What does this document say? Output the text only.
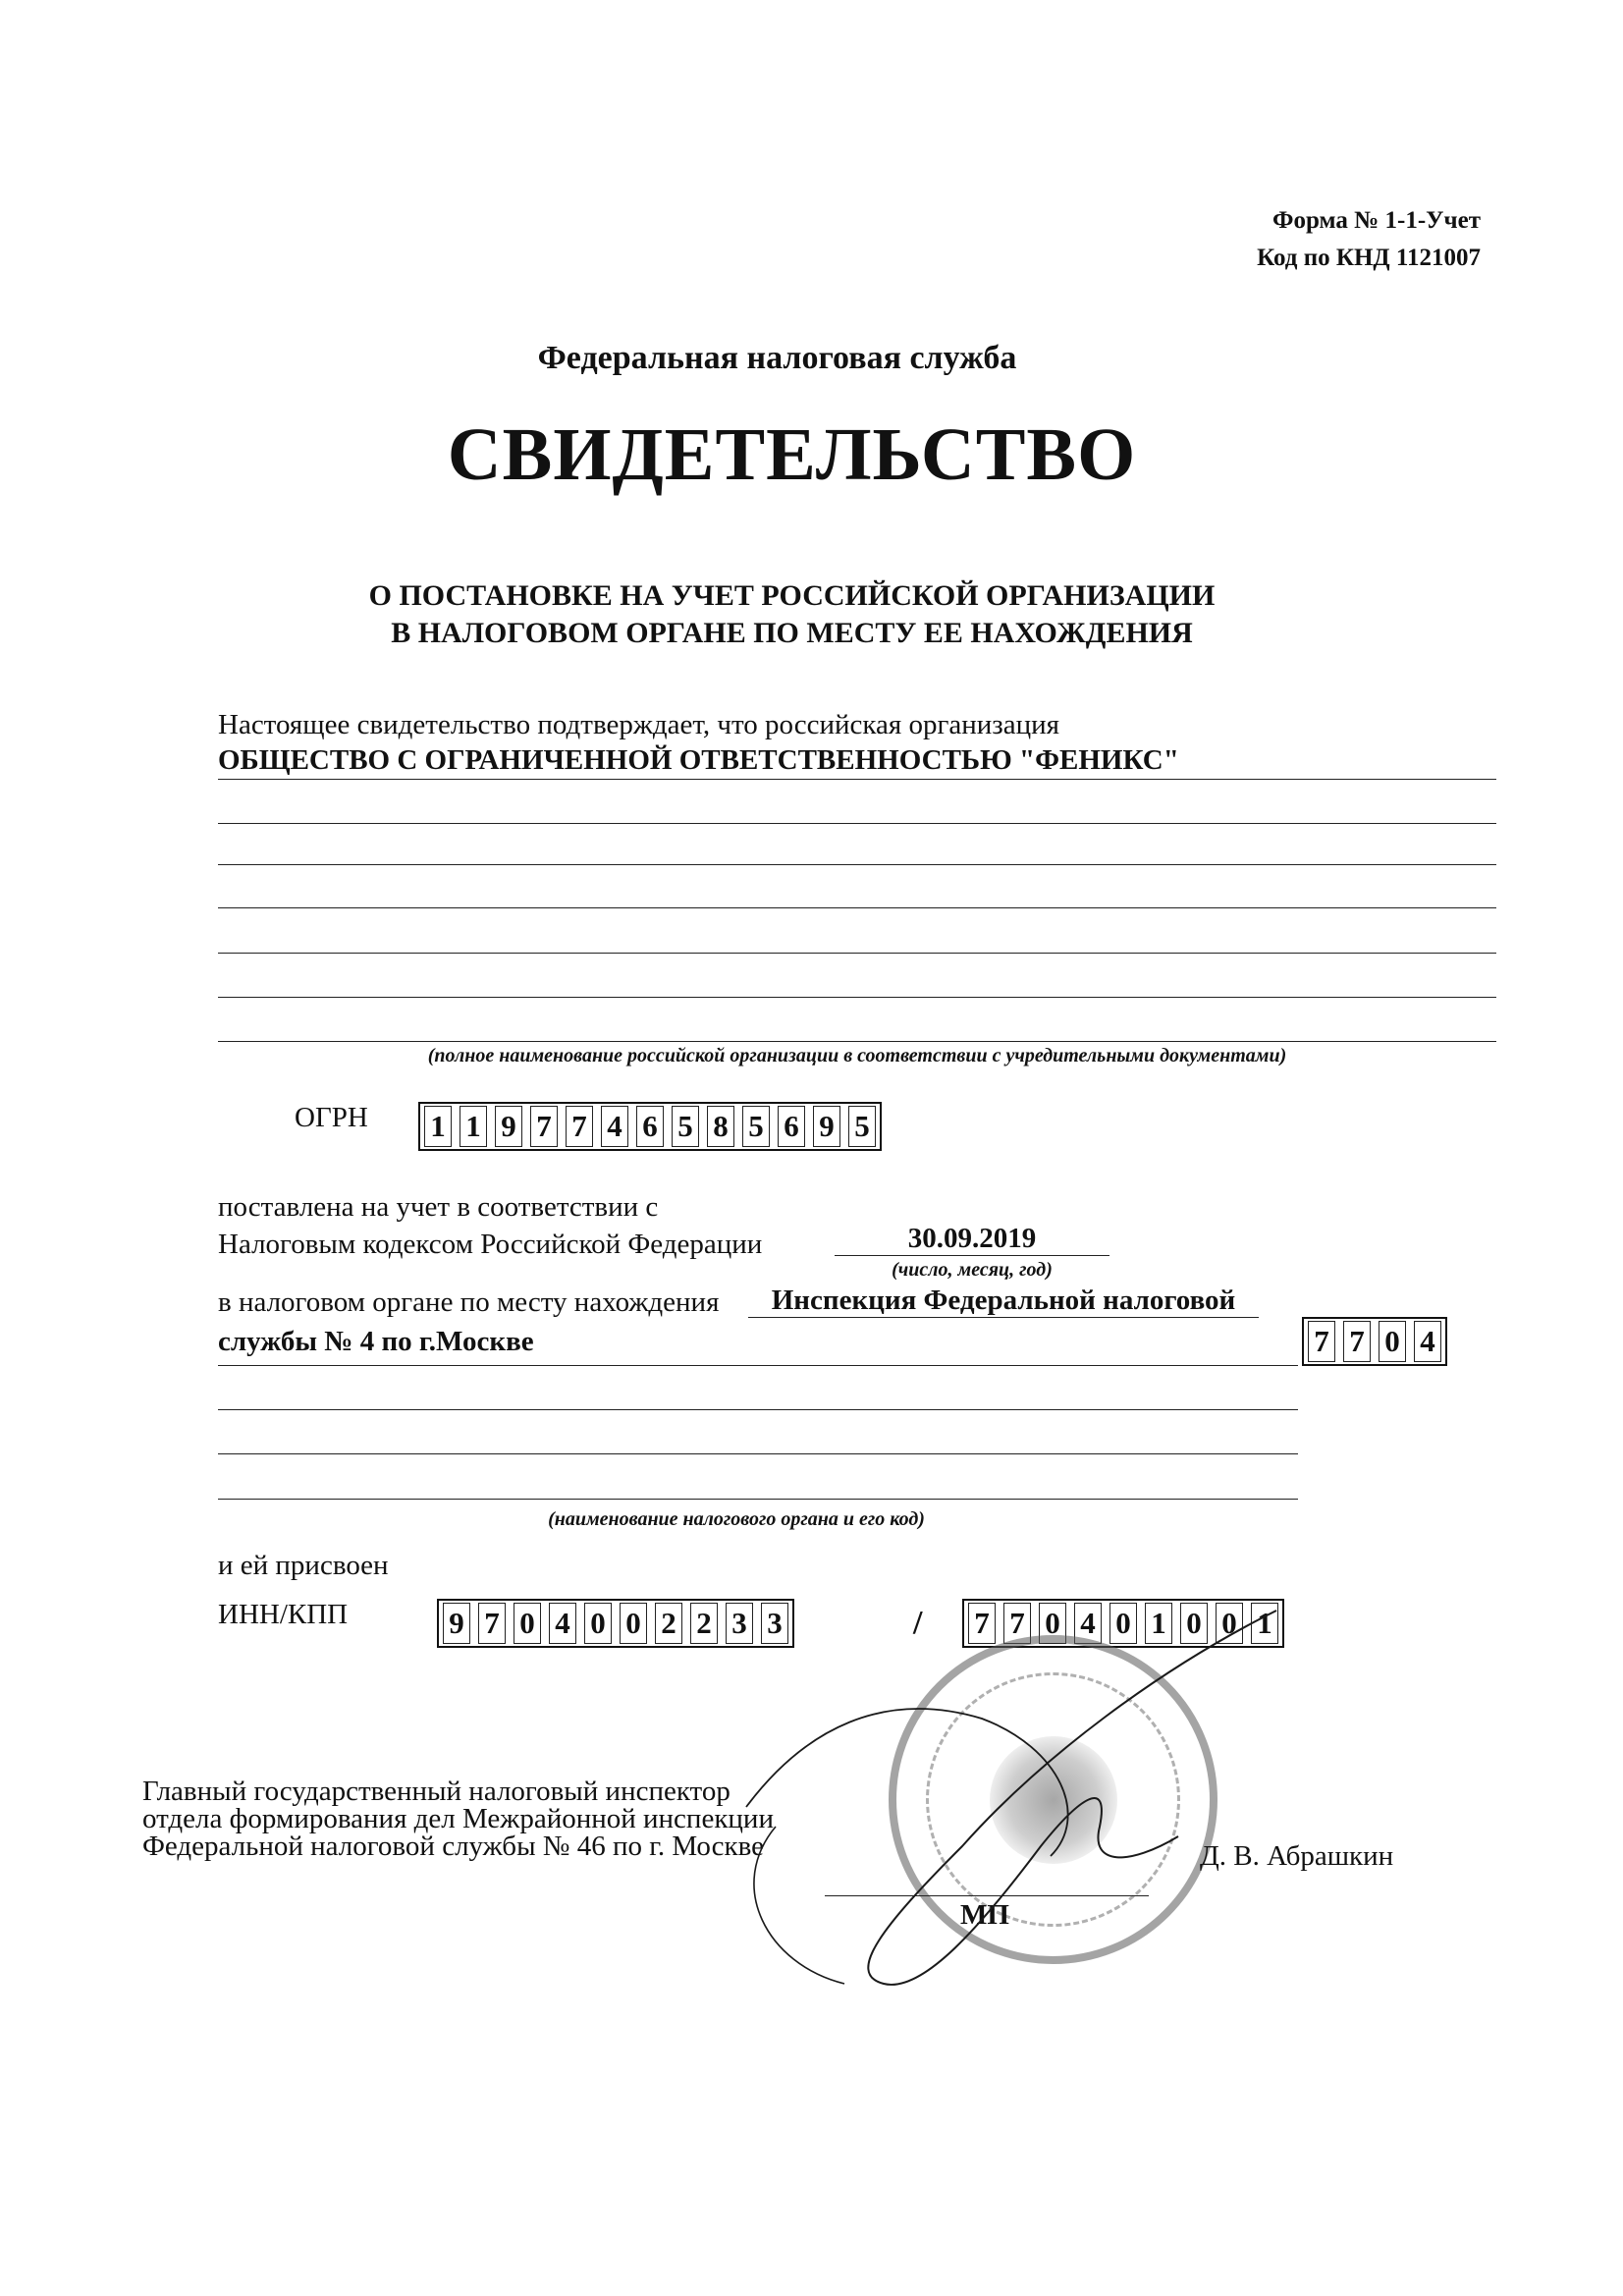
Форма № 1-1-Учет
Код по КНД 1121007
Федеральная налоговая служба
СВИДЕТЕЛЬСТВО
О ПОСТАНОВКЕ НА УЧЕТ РОССИЙСКОЙ ОРГАНИЗАЦИИ
В НАЛОГОВОМ ОРГАНЕ ПО МЕСТУ ЕЕ НАХОЖДЕНИЯ
Настоящее свидетельство подтверждает, что российская организация
ОБЩЕСТВО С ОГРАНИЧЕННОЙ ОТВЕТСТВЕННОСТЬЮ "ФЕНИКС"
(полное наименование российской организации в соответствии с учредительными документами)
ОГРН 1 1 9 7 7 4 6 5 8 5 6 9 5
поставлена на учет в соответствии с
Налоговым кодексом Российской Федерации	30.09.2019
(число, месяц, год)
в налоговом органе по месту нахождения	Инспекция Федеральной налоговой
службы № 4 по г.Москве	7 7 0 4
(наименование налогового органа и его код)
и ей присвоен
ИНН/КПП	9 7 0 4 0 0 2 2 3 3	/ 7 7 0 4 0 1 0 0 1
Главный государственный налоговый инспектор
отдела формирования дел Межрайонной инспекции
Федеральной налоговой службы № 46 по г. Москве	Д. В. Абрашкин
МП
